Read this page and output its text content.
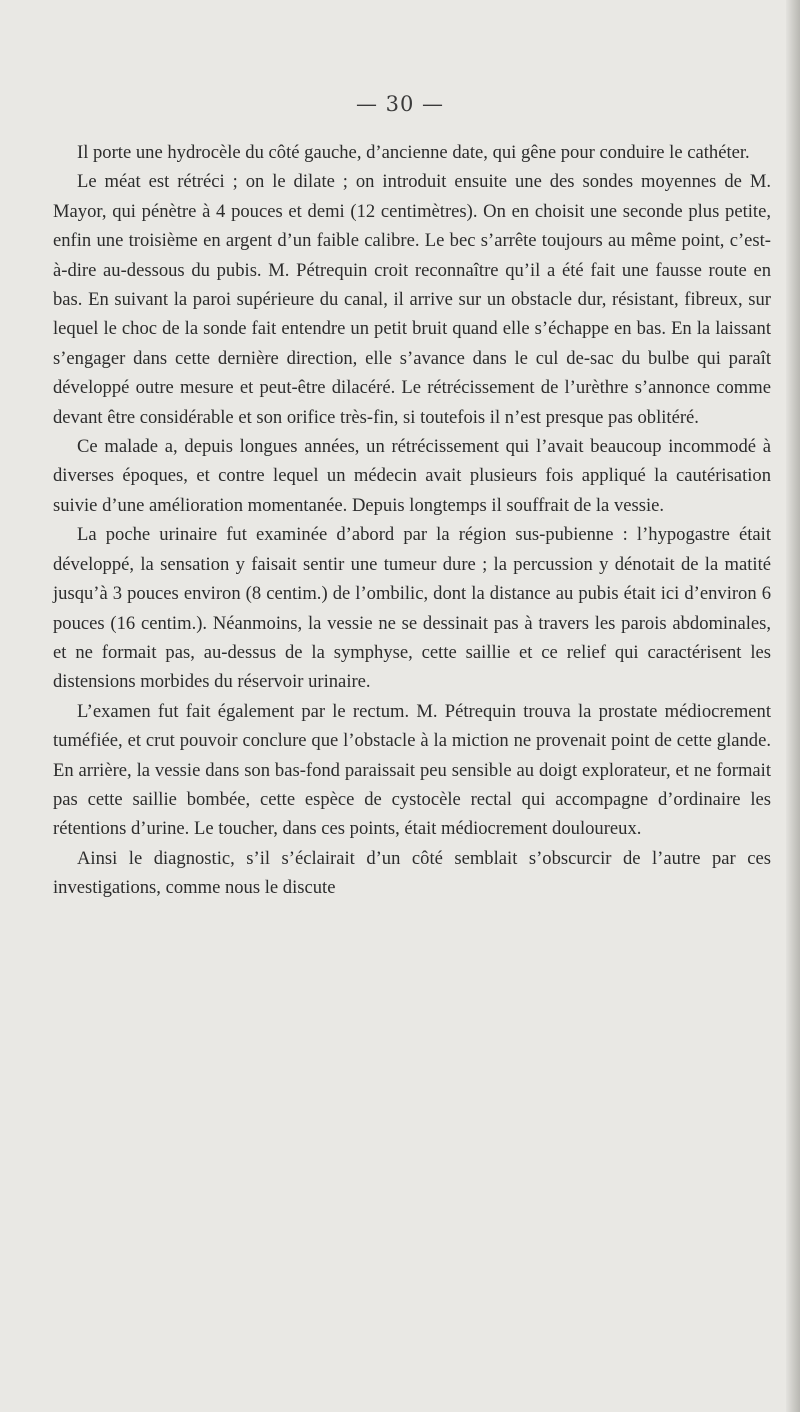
— 30 —

Il porte une hydrocèle du côté gauche, d’ancienne date, qui gêne pour conduire le cathéter.

Le méat est rétréci ; on le dilate ; on introduit ensuite une des sondes moyennes de M. Mayor, qui pénètre à 4 pouces et demi (12 centimètres). On en choisit une seconde plus petite, enfin une troisième en argent d’un faible calibre. Le bec s’arrête toujours au même point, c’est-à-dire au-dessous du pubis. M. Pétrequin croit reconnaître qu’il a été fait une fausse route en bas. En suivant la paroi supérieure du canal, il arrive sur un obstacle dur, résistant, fibreux, sur lequel le choc de la sonde fait entendre un petit bruit quand elle s’échappe en bas. En la laissant s’engager dans cette dernière direction, elle s’avance dans le cul de-sac du bulbe qui paraît développé outre mesure et peut-être dilacéré. Le rétrécissement de l’urèthre s’annonce comme devant être considérable et son orifice très-fin, si toutefois il n’est presque pas oblitéré.

Ce malade a, depuis longues années, un rétrécissement qui l’avait beaucoup incommodé à diverses époques, et contre lequel un médecin avait plusieurs fois appliqué la cautérisation suivie d’une amélioration momentanée. Depuis longtemps il souffrait de la vessie.

La poche urinaire fut examinée d’abord par la région sus-pubienne : l’hypogastre était développé, la sensation y faisait sentir une tumeur dure ; la percussion y dénotait de la matité jusqu’à 3 pouces environ (8 centim.) de l’ombilic, dont la distance au pubis était ici d’environ 6 pouces (16 centim.). Néanmoins, la vessie ne se dessinait pas à travers les parois abdominales, et ne formait pas, au-dessus de la symphyse, cette saillie et ce relief qui caractérisent les distensions morbides du réservoir urinaire.

L’examen fut fait également par le rectum. M. Pétrequin trouva la prostate médiocrement tuméfiée, et crut pouvoir conclure que l’obstacle à la miction ne provenait point de cette glande. En arrière, la vessie dans son bas-fond paraissait peu sensible au doigt explorateur, et ne formait pas cette saillie bombée, cette espèce de cystocèle rectal qui accompagne d’ordinaire les rétentions d’urine. Le toucher, dans ces points, était médiocrement douloureux.

Ainsi le diagnostic, s’il s’éclairait d’un côté semblait s’obscurcir de l’autre par ces investigations, comme nous le discute
